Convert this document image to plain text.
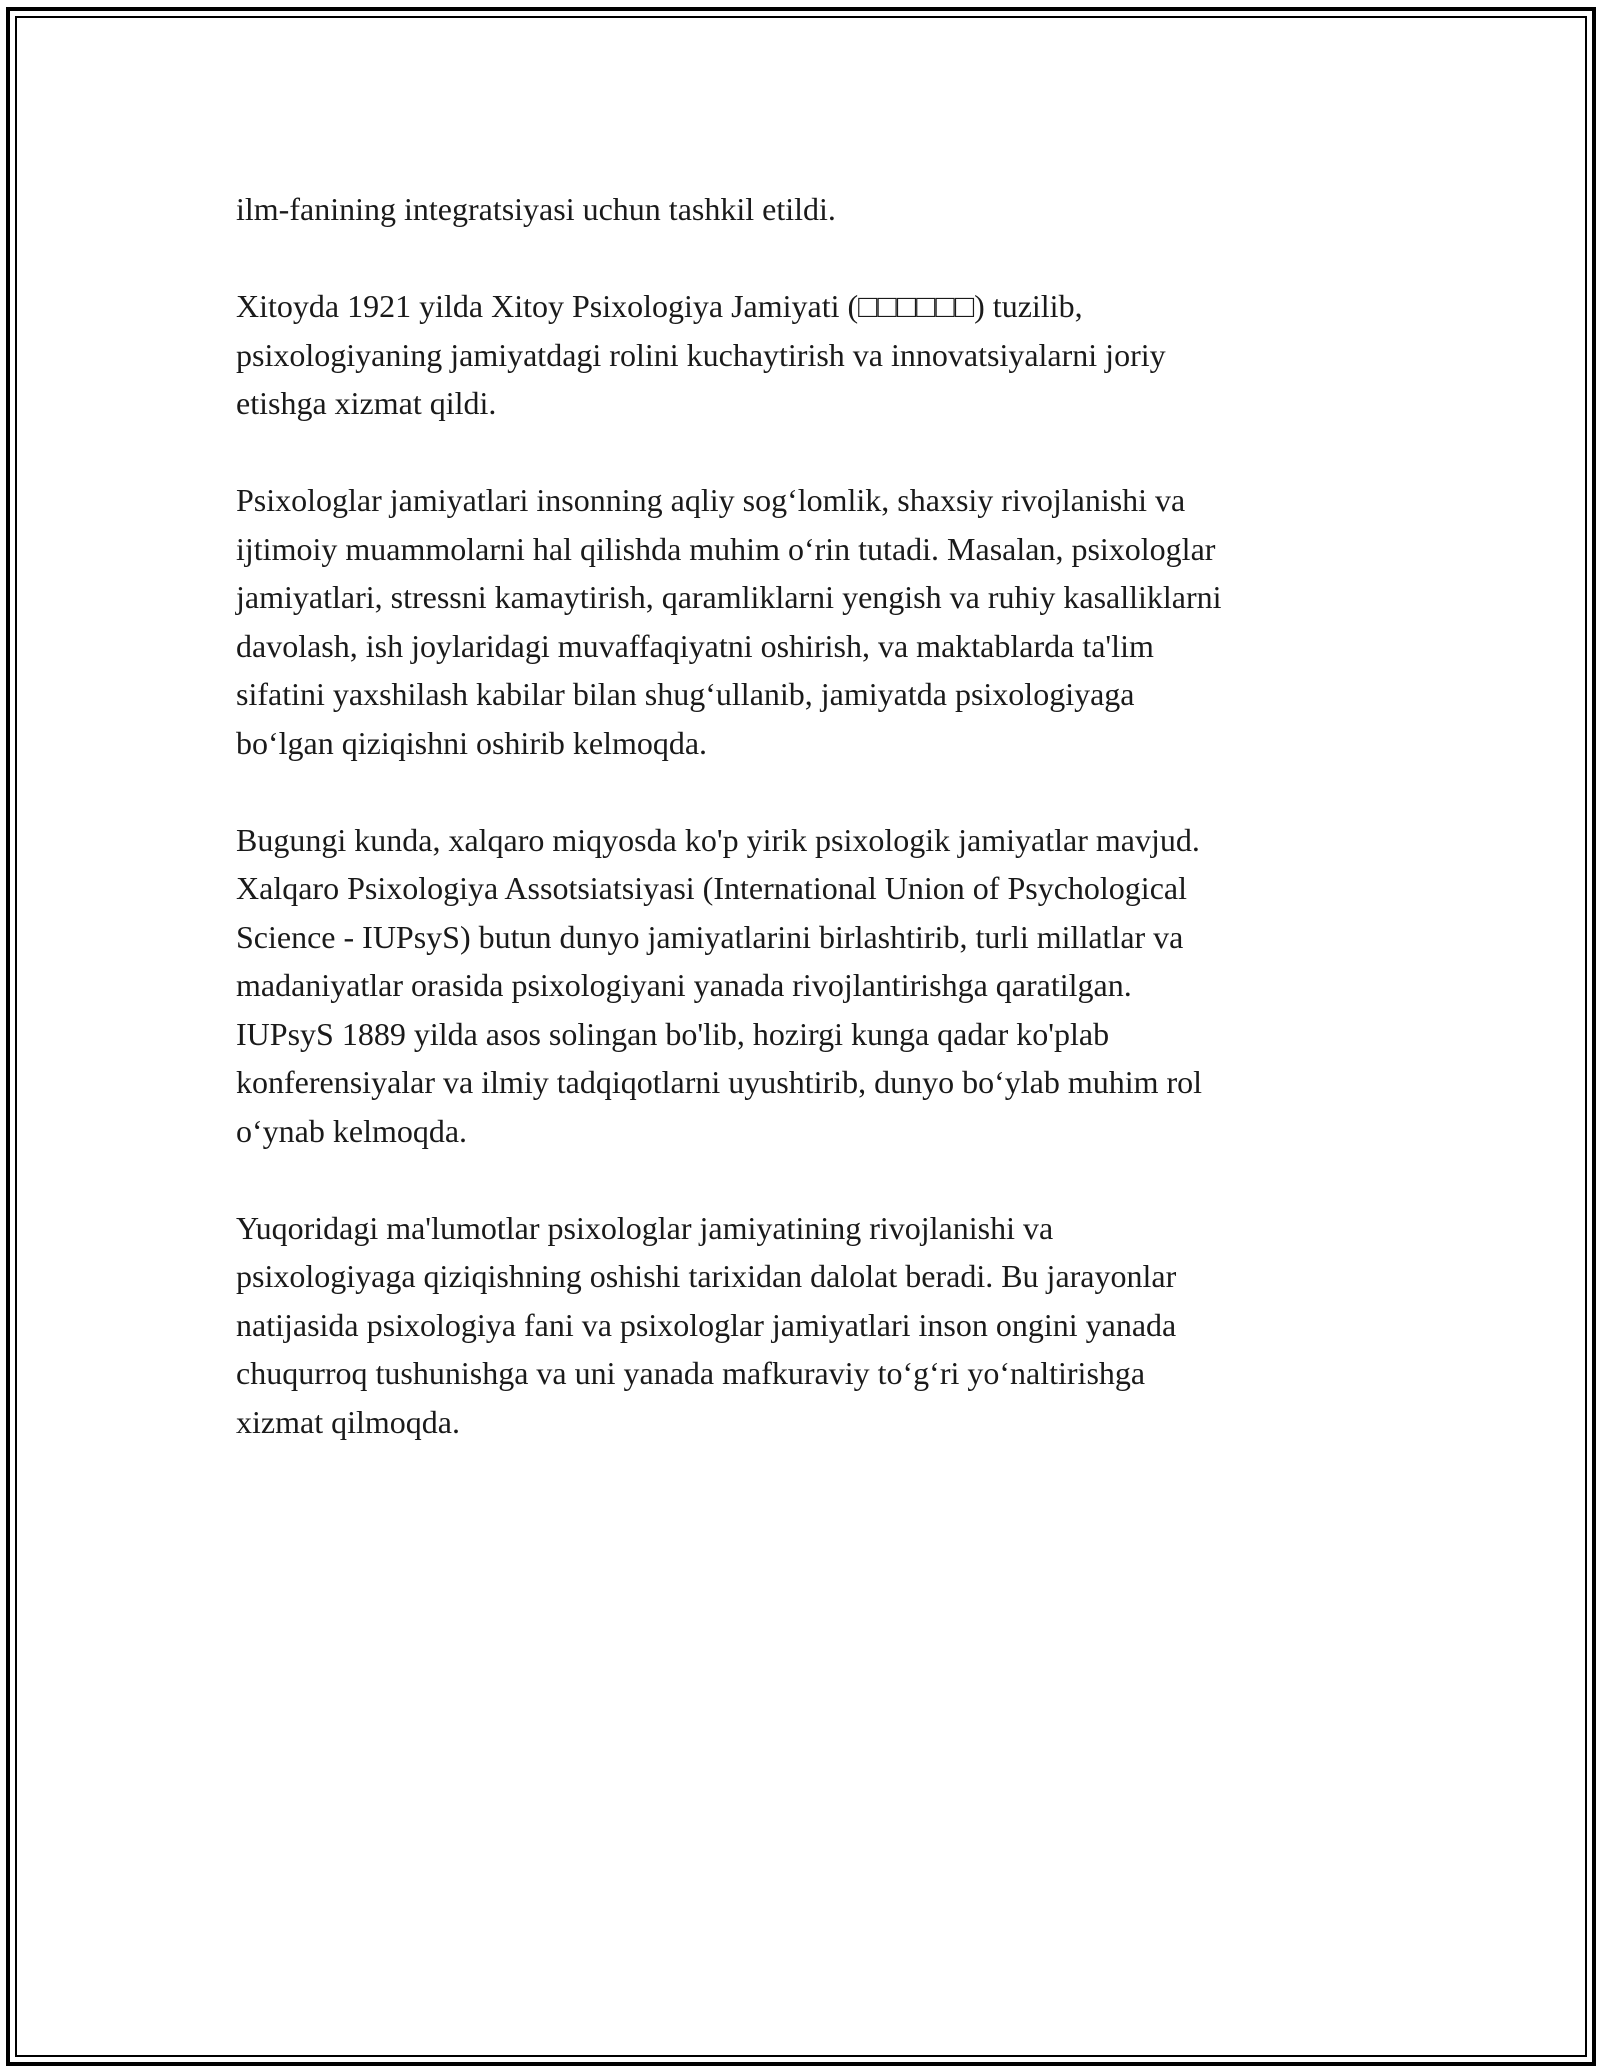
ilm-fanining integratsiyasi uchun tashkil etildi.

Xitoyda 1921 yilda Xitoy Psixologiya Jamiyati (□□□□□□) tuzilib,
psixologiyaning jamiyatdagi rolini kuchaytirish va innovatsiyalarni joriy
etishga xizmat qildi.

Psixologlar jamiyatlari insonning aqliy sog‘lomlik, shaxsiy rivojlanishi va
ijtimoiy muammolarni hal qilishda muhim o‘rin tutadi. Masalan, psixologlar
jamiyatlari, stressni kamaytirish, qaramliklarni yengish va ruhiy kasalliklarni
davolash, ish joylaridagi muvaffaqiyatni oshirish, va maktablarda ta'lim
sifatini yaxshilash kabilar bilan shug‘ullanib, jamiyatda psixologiyaga
bo‘lgan qiziqishni oshirib kelmoqda.

Bugungi kunda, xalqaro miqyosda ko'p yirik psixologik jamiyatlar mavjud.
Xalqaro Psixologiya Assotsiatsiyasi (International Union of Psychological
Science - IUPsyS) butun dunyo jamiyatlarini birlashtirib, turli millatlar va
madaniyatlar orasida psixologiyani yanada rivojlantirishga qaratilgan.
IUPsyS 1889 yilda asos solingan bo'lib, hozirgi kunga qadar ko'plab
konferensiyalar va ilmiy tadqiqotlarni uyushtirib, dunyo bo‘ylab muhim rol
o‘ynab kelmoqda.

Yuqoridagi ma'lumotlar psixologlar jamiyatining rivojlanishi va
psixologiyaga qiziqishning oshishi tarixidan dalolat beradi. Bu jarayonlar
natijasida psixologiya fani va psixologlar jamiyatlari inson ongini yanada
chuqurroq tushunishga va uni yanada mafkuraviy to‘g‘ri yo‘naltirishga
xizmat qilmoqda.
